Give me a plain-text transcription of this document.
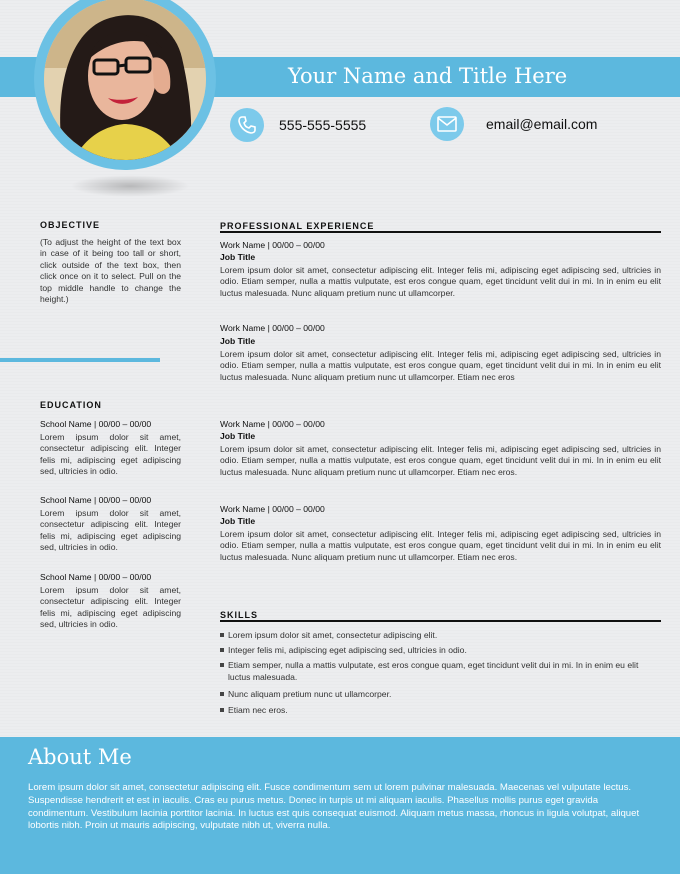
Your Name and Title Here
555-555-5555	email@email.com
OBJECTIVE
(To adjust the height of the text box in case of it being too tall or short, click outside of the text box, then click once on it to select. Pull on the top middle handle to change the height.)
EDUCATION
School Name | 00/00 – 00/00
Lorem ipsum dolor sit amet, consectetur adipiscing elit. Integer felis mi, adipiscing eget adipiscing sed, ultricies in odio.
School Name | 00/00 – 00/00
Lorem ipsum dolor sit amet, consectetur adipiscing elit. Integer felis mi, adipiscing eget adipiscing sed, ultricies in odio.
School Name | 00/00 – 00/00
Lorem ipsum dolor sit amet, consectetur adipiscing elit. Integer felis mi, adipiscing eget adipiscing sed, ultricies in odio.
PROFESSIONAL EXPERIENCE
Work Name | 00/00 – 00/00
Job Title
Lorem ipsum dolor sit amet, consectetur adipiscing elit. Integer felis mi, adipiscing eget adipiscing sed, ultricies in odio. Etiam semper, nulla a mattis vulputate, est eros congue quam, eget tincidunt velit dui in mi. In in enim eu elit luctus malesuada. Nunc aliquam pretium nunc ut ullamcorper.
Work Name | 00/00 – 00/00
Job Title
Lorem ipsum dolor sit amet, consectetur adipiscing elit. Integer felis mi, adipiscing eget adipiscing sed, ultricies in odio. Etiam semper, nulla a mattis vulputate, est eros congue quam, eget tincidunt velit dui in mi. In in enim eu elit luctus malesuada. Nunc aliquam pretium nunc ut ullamcorper. Etiam nec eros
Work Name | 00/00 – 00/00
Job Title
Lorem ipsum dolor sit amet, consectetur adipiscing elit. Integer felis mi, adipiscing eget adipiscing sed, ultricies in odio. Etiam semper, nulla a mattis vulputate, est eros congue quam, eget tincidunt velit dui in mi. In in enim eu elit luctus malesuada. Nunc aliquam pretium nunc ut ullamcorper. Etiam nec eros.
Work Name | 00/00 – 00/00
Job Title
Lorem ipsum dolor sit amet, consectetur adipiscing elit. Integer felis mi, adipiscing eget adipiscing sed, ultricies in odio. Etiam semper, nulla a mattis vulputate, est eros congue quam, eget tincidunt velit dui in mi. In in enim eu elit luctus malesuada. Nunc aliquam pretium nunc ut ullamcorper. Etiam nec eros.
SKILLS
Lorem ipsum dolor sit amet, consectetur adipiscing elit.
Integer felis mi, adipiscing eget adipiscing sed, ultricies in odio.
Etiam semper, nulla a mattis vulputate, est eros congue quam, eget tincidunt velit dui in mi. In in enim eu elit luctus malesuada.
Nunc aliquam pretium nunc ut ullamcorper.
Etiam nec eros.
About Me
Lorem ipsum dolor sit amet, consectetur adipiscing elit. Fusce condimentum sem ut lorem pulvinar malesuada. Maecenas vel vulputate lectus. Suspendisse hendrerit et est in iaculis. Cras eu purus metus. Donec in turpis ut mi aliquam iaculis. Phasellus mollis purus eget gravida condimentum. Vestibulum lacinia porttitor lacinia. In luctus est quis consequat euismod. Aliquam metus massa, rhoncus in ligula volutpat, aliquet lobortis nibh. Proin ut mauris adipiscing, vulputate nibh ut, viverra nulla.
